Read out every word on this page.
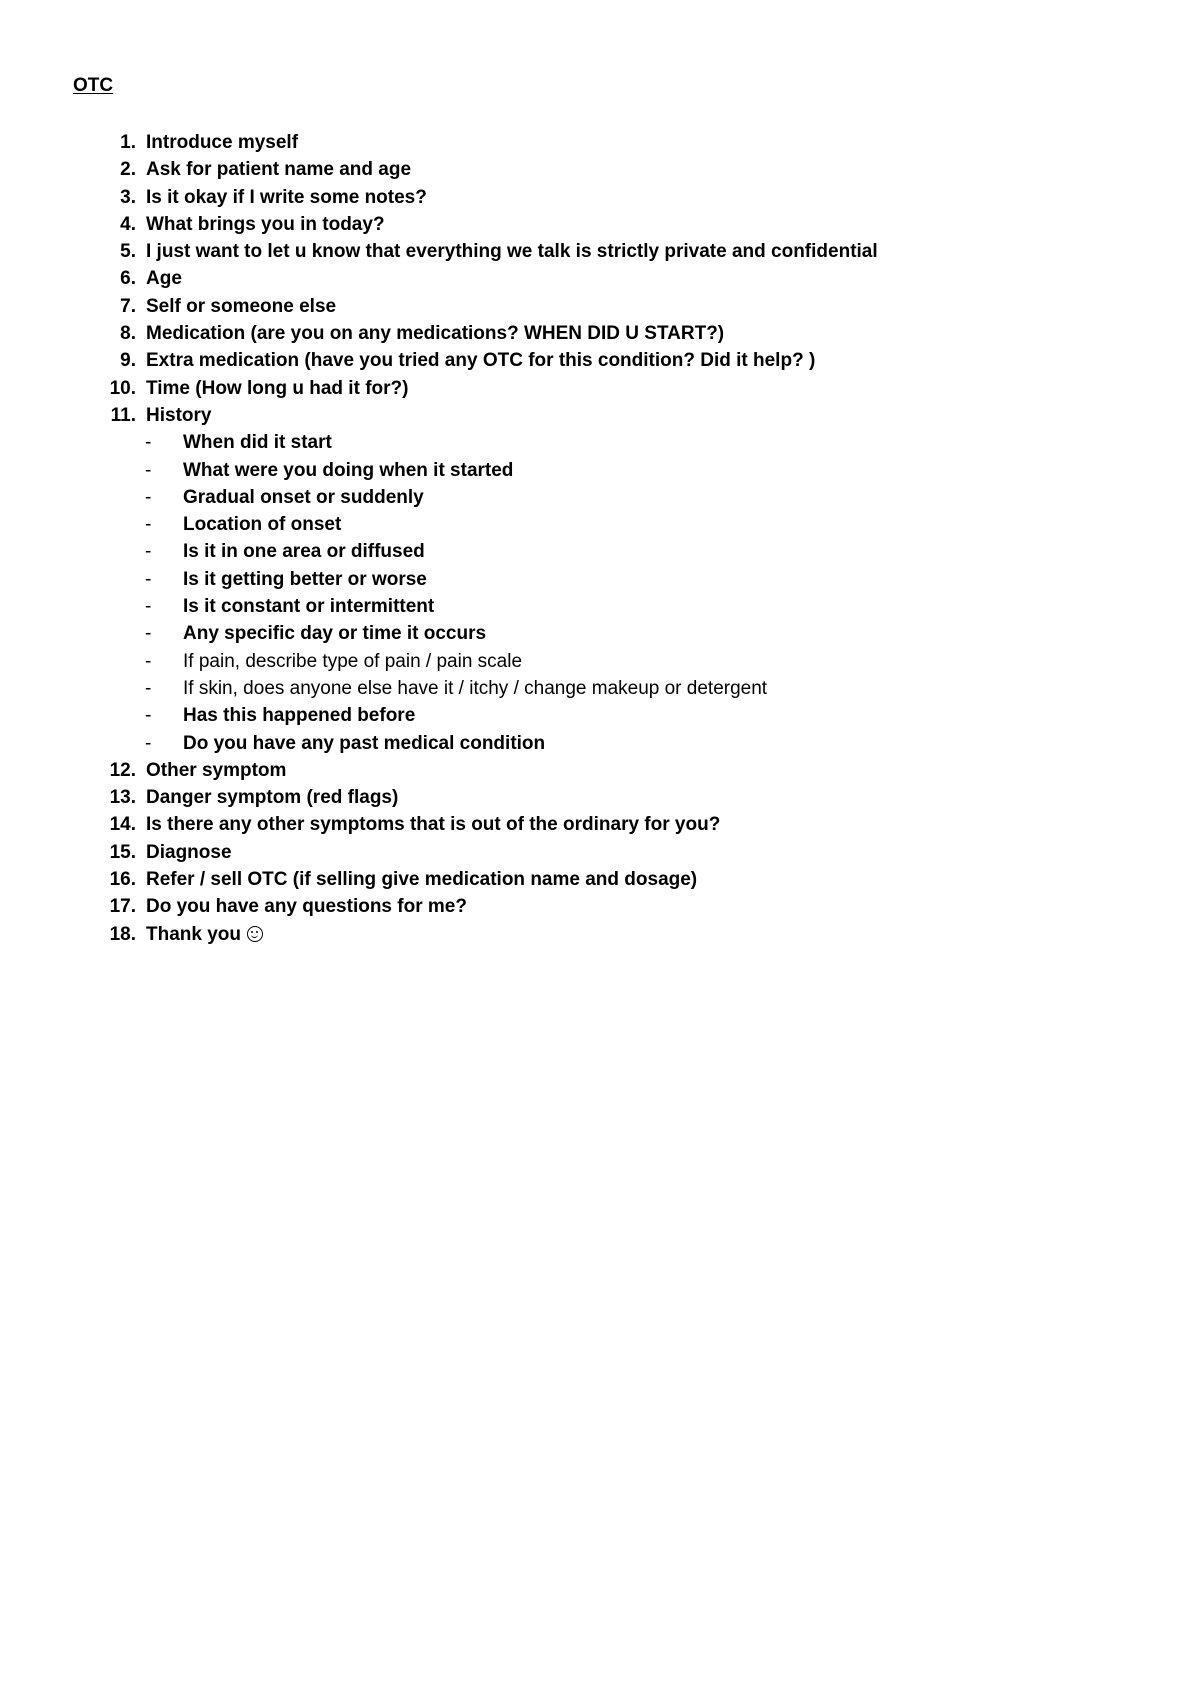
OTC
1. Introduce myself
2. Ask for patient name and age
3. Is it okay if I write some notes?
4. What brings you in today?
5. I just want to let u know that everything we talk is strictly private and confidential
6. Age
7. Self or someone else
8. Medication (are you on any medications? WHEN DID U START?)
9. Extra medication (have you tried any OTC for this condition? Did it help? )
10. Time (How long u had it for?)
11. History
- When did it start
- What were you doing when it started
- Gradual onset or suddenly
- Location of onset
- Is it in one area or diffused
- Is it getting better or worse
- Is it constant or intermittent
- Any specific day or time it occurs
- If pain, describe type of pain / pain scale
- If skin, does anyone else have it / itchy / change makeup or detergent
- Has this happened before
- Do you have any past medical condition
12. Other symptom
13. Danger symptom (red flags)
14. Is there any other symptoms that is out of the ordinary for you?
15. Diagnose
16. Refer / sell OTC (if selling give medication name and dosage)
17. Do you have any questions for me?
18. Thank you
